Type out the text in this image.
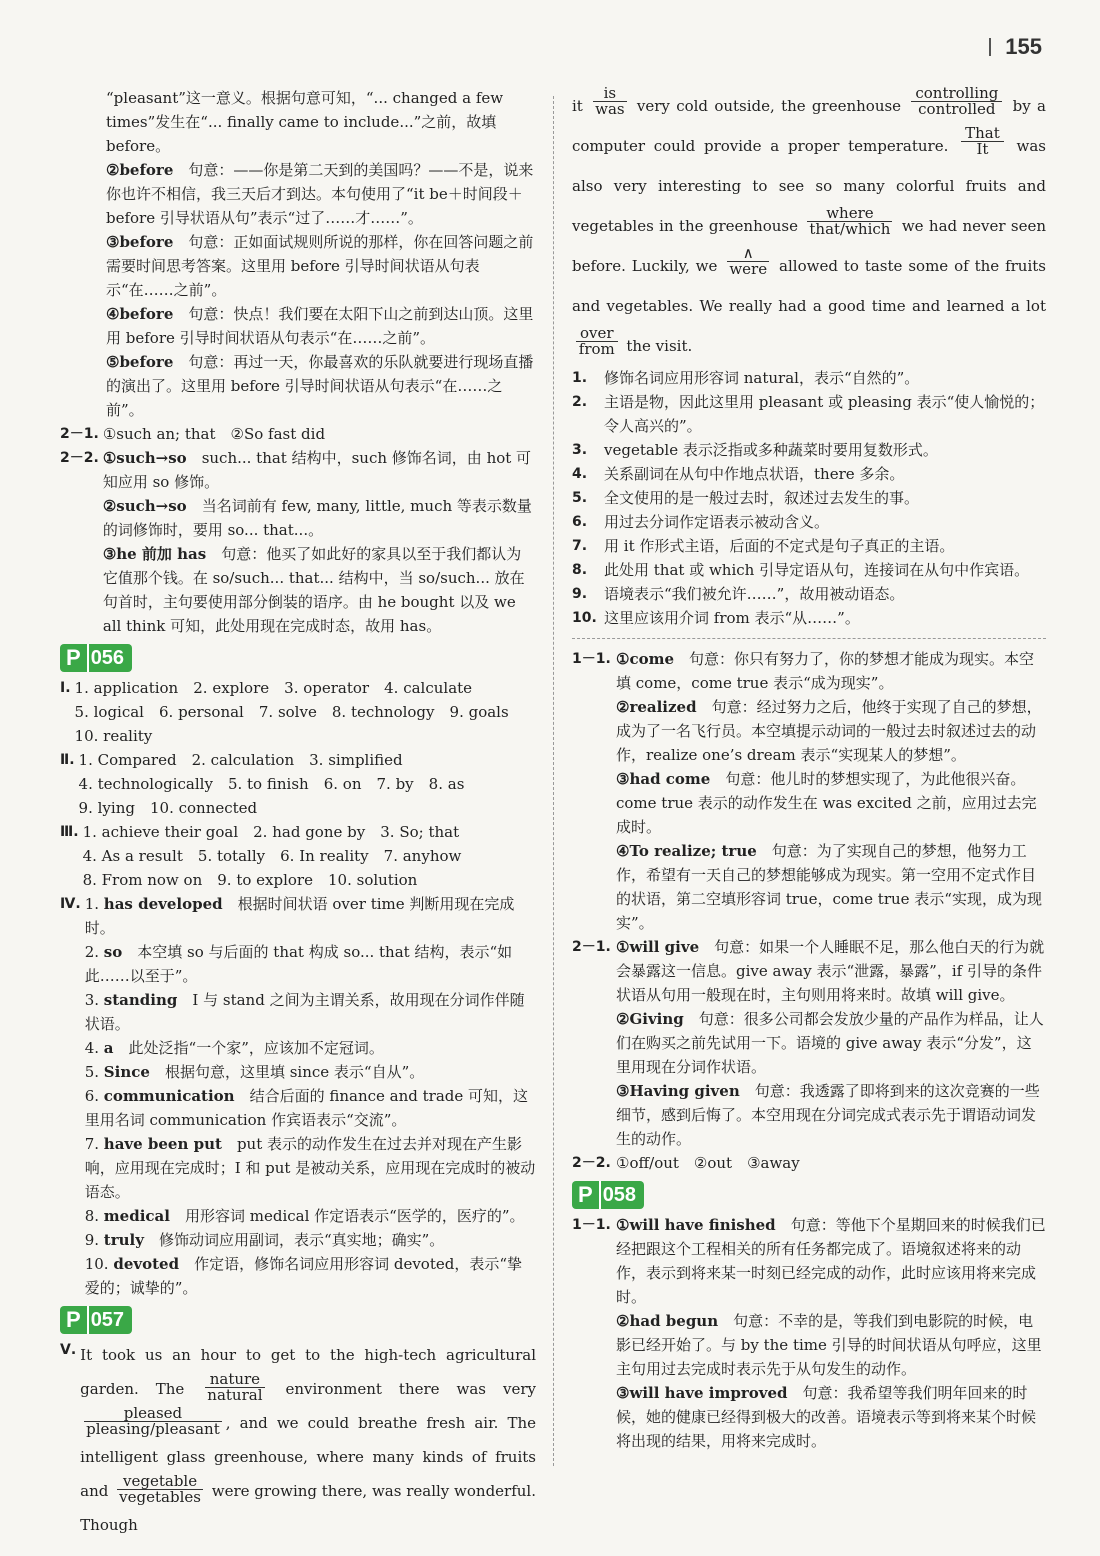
155

“pleasant”这一意义。根据句意可知，“... changed a few times”发生在“... finally came to include...”之前，故填before。

②before　 句意：——你是第二天到的美国吗？——不是，说来你也许不相信，我三天后才到达。本句使用了“it be＋时间段＋before 引导状语从句”表示“过了……才……”。
③before　 句意：正如面试规则所说的那样，你在回答问题之前需要时间思考答案。这里用 before 引导时间状语从句表示“在……之前”。
④before　 句意：快点！我们要在太阳下山之前到达山顶。这里用 before 引导时间状语从句表示“在……之前”。
⑤before　 句意：再过一天，你最喜欢的乐队就要进行现场直播的演出了。这里用 before 引导时间状语从句表示“在……之前”。
2－1. ①such an; that　②So fast did
2－2. ①such→so　 such... that 结构中，such 修饰名词，由 hot 可知应用 so 修饰。
②such→so　 当名词前有 few, many, little, much 等表示数量的词修饰时，要用 so... that...。
③he 前加 has　 句意：他买了如此好的家具以至于我们都认为它值那个钱。在 so/such... that... 结构中，当 so/such... 放在句首时，主句要使用部分倒装的语序。由 he bought 以及 we all think 可知，此处用现在完成时态，故用 has。
P 056
Ⅰ. 1. application　 2. explore　 3. operator　 4. calculate
5. logical　 6. personal　 7. solve　 8. technology　 9. goals
10. reality
Ⅱ. 1. Compared　 2. calculation　 3. simplified
4. technologically　 5. to finish　 6. on　 7. by　 8. as
9. lying　 10. connected
Ⅲ. 1. achieve their goal　 2. had gone by　 3. So; that
4. As a result　 5. totally　 6. In reality　 7. anyhow
8. From now on　 9. to explore　 10. solution
Ⅳ. 1. has developed　 根据时间状语 over time 判断用现在完成时。
2. so　 本空填 so 与后面的 that 构成 so... that 结构，表示“如此……以至于”。
3. standing　 I 与 stand 之间为主谓关系，故用现在分词作伴随状语。
4. a　 此处泛指“一个家”，应该加不定冠词。
5. Since　 根据句意，这里填 since 表示“自从”。
6. communication　 结合后面的 finance and trade 可知，这里用名词 communication 作宾语表示“交流”。
7. have been put　 put 表示的动作发生在过去并对现在产生影响，应用现在完成时；I 和 put 是被动关系，应用现在完成时的被动语态。
8. medical　 用形容词 medical 作定语表示“医学的，医疗的”。
9. truly　 修饰动词应用副词，表示“真实地；确实”。
10. devoted　 作定语，修饰名词应用形容词 devoted，表示“挚爱的；诚挚的”。
P 057
Ⅴ. It took us an hour to get to the high-tech agricultural garden. The
nature
natural environment there was very
pleased
pleasing/pleasant , and we could breathe fresh air. The intelligent glass greenhouse, where many kinds of fruits and
vegetable
vegetables were growing there, was really wonderful. Though
it
is
was very cold outside, the greenhouse
controlling
controlled	by a computer could provide a proper temperature.
That
It	was also very interesting to see so many colorful fruits and vegetables in the greenhouse
where
that/which we had never seen before. Luckily, we
∧
were allowed to taste some of the fruits and vegetables. We really had a good time and learned a lot
over
from the visit.
1.	修饰名词应用形容词 natural，表示“自然的”。
2.	主语是物，因此这里用 pleasant 或 pleasing 表示“使人愉悦的；令人高兴的”。
3.	vegetable 表示泛指或多种蔬菜时要用复数形式。
4.	关系副词在从句中作地点状语，there 多余。
5.	全文使用的是一般过去时，叙述过去发生的事。
6.	用过去分词作定语表示被动含义。
7.	用 it 作形式主语，后面的不定式是句子真正的主语。
8.	此处用 that 或 which 引导定语从句，连接词在从句中作宾语。
9.	语境表示“我们被允许……”，故用被动语态。
10. 这里应该用介词 from 表示“从……”。
1－1. ①come　 句意：你只有努力了，你的梦想才能成为现实。本空填 come，come true 表示“成为现实”。
②realized　 句意：经过努力之后，他终于实现了自己的梦想，成为了一名飞行员。本空填提示动词的一般过去时叙述过去的动作，realize one’s dream 表示“实现某人的梦想”。
③had come　 句意：他儿时的梦想实现了，为此他很兴奋。come true 表示的动作发生在 was excited 之前，应用过去完成时。
④To realize; true　 句意：为了实现自己的梦想，他努力工作，希望有一天自己的梦想能够成为现实。第一空用不定式作目的状语，第二空填形容词 true，come true 表示“实现，成为现实”。
2－1. ①will give　 句意：如果一个人睡眠不足，那么他白天的行为就会暴露这一信息。give away 表示“泄露，暴露”，if 引导的条件状语从句用一般现在时，主句则用将来时。故填 will give。
②Giving　 句意：很多公司都会发放少量的产品作为样品，让人们在购买之前先试用一下。语境的 give away 表示“分发”，这里用现在分词作状语。
③Having given　 句意：我透露了即将到来的这次竞赛的一些细节，感到后悔了。本空用现在分词完成式表示先于谓语动词发生的动作。
2－2. ①off/out　②out　③away
P 058
1－1. ①will have finished　 句意：等他下个星期回来的时候我们已经把跟这个工程相关的所有任务都完成了。语境叙述将来的动作，表示到将来某一时刻已经完成的动作，此时应该用将来完成时。
②had begun　 句意：不幸的是，等我们到电影院的时候，电影已经开始了。与 by the time 引导的时间状语从句呼应，这里主句用过去完成时表示先于从句发生的动作。
③will have improved　 句意：我希望等我们明年回来的时候，她的健康已经得到极大的改善。语境表示等到将来某个时候将出现的结果，用将来完成时。
